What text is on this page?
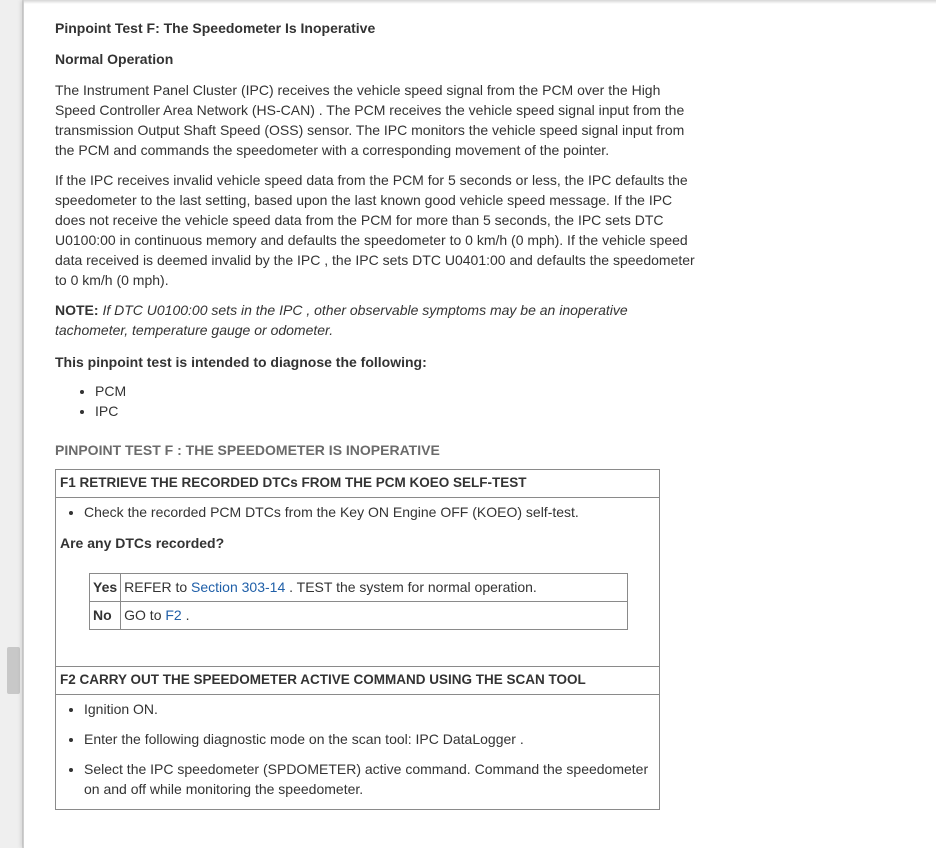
Pinpoint Test F: The Speedometer Is Inoperative
Normal Operation

The Instrument Panel Cluster (IPC) receives the vehicle speed signal from the PCM over the High Speed Controller Area Network (HS-CAN) . The PCM receives the vehicle speed signal input from the transmission Output Shaft Speed (OSS) sensor. The IPC monitors the vehicle speed signal input from the PCM and commands the speedometer with a corresponding movement of the pointer.

If the IPC receives invalid vehicle speed data from the PCM for 5 seconds or less, the IPC defaults the speedometer to the last setting, based upon the last known good vehicle speed message. If the IPC does not receive the vehicle speed data from the PCM for more than 5 seconds, the IPC sets DTC U0100:00 in continuous memory and defaults the speedometer to 0 km/h (0 mph). If the vehicle speed data received is deemed invalid by the IPC , the IPC sets DTC U0401:00 and defaults the speedometer to 0 km/h (0 mph).

NOTE: If DTC U0100:00 sets in the IPC , other observable symptoms may be an inoperative tachometer, temperature gauge or odometer.
This pinpoint test is intended to diagnose the following:
• PCM
• IPC
PINPOINT TEST F : THE SPEEDOMETER IS INOPERATIVE
F1 RETRIEVE THE RECORDED DTCs FROM THE PCM KOEO SELF-TEST
• Check the recorded PCM DTCs from the Key ON Engine OFF (KOEO) self-test.
Are any DTCs recorded?
Yes	REFER to Section 303-14 . TEST the system for normal operation.
No	GO to F2 .
F2 CARRY OUT THE SPEEDOMETER ACTIVE COMMAND USING THE SCAN TOOL
• Ignition ON.
• Enter the following diagnostic mode on the scan tool: IPC DataLogger .
• Select the IPC speedometer (SPDOMETER) active command. Command the speedometer on and off while monitoring the speedometer.
